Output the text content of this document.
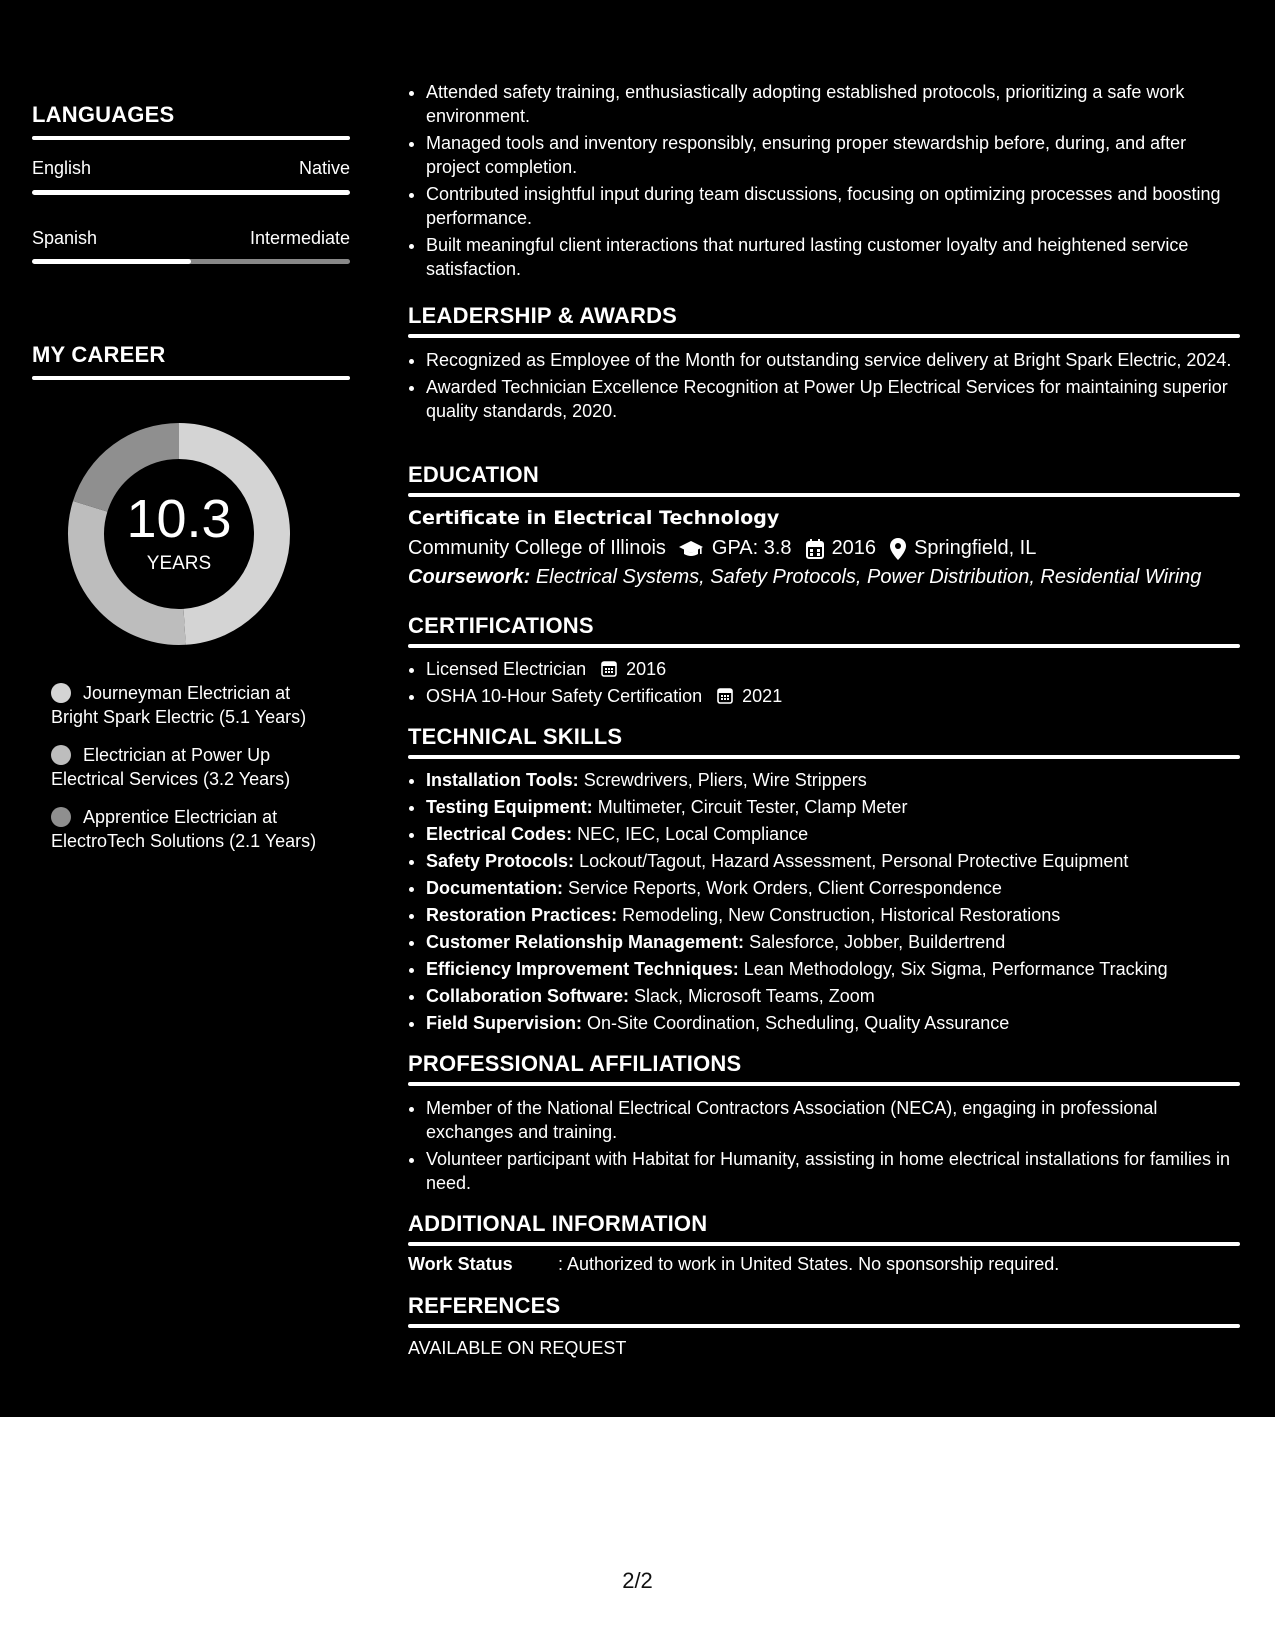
LANGUAGES
English	Native
Spanish	Intermediate
MY CAREER
10.3
YEARS
Journeyman Electrician at Bright Spark Electric (5.1 Years)
Electrician at Power Up Electrical Services (3.2 Years)
Apprentice Electrician at ElectroTech Solutions (2.1 Years)
• Attended safety training, enthusiastically adopting established protocols, prioritizing a safe work environment.
• Managed tools and inventory responsibly, ensuring proper stewardship before, during, and after project completion.
• Contributed insightful input during team discussions, focusing on optimizing processes and boosting performance.
• Built meaningful client interactions that nurtured lasting customer loyalty and heightened service satisfaction.
LEADERSHIP & AWARDS
• Recognized as Employee of the Month for outstanding service delivery at Bright Spark Electric, 2024.
• Awarded Technician Excellence Recognition at Power Up Electrical Services for maintaining superior quality standards, 2020.
EDUCATION
Certificate in Electrical Technology
Community College of Illinois GPA: 3.8 2016 Springfield, IL
Coursework: Electrical Systems, Safety Protocols, Power Distribution, Residential Wiring
CERTIFICATIONS
• Licensed Electrician 2016
• OSHA 10-Hour Safety Certification 2021
TECHNICAL SKILLS
• Installation Tools: Screwdrivers, Pliers, Wire Strippers
• Testing Equipment: Multimeter, Circuit Tester, Clamp Meter
• Electrical Codes: NEC, IEC, Local Compliance
• Safety Protocols: Lockout/Tagout, Hazard Assessment, Personal Protective Equipment
• Documentation: Service Reports, Work Orders, Client Correspondence
• Restoration Practices: Remodeling, New Construction, Historical Restorations
• Customer Relationship Management: Salesforce, Jobber, Buildertrend
• Efficiency Improvement Techniques: Lean Methodology, Six Sigma, Performance Tracking
• Collaboration Software: Slack, Microsoft Teams, Zoom
• Field Supervision: On-Site Coordination, Scheduling, Quality Assurance
PROFESSIONAL AFFILIATIONS
• Member of the National Electrical Contractors Association (NECA), engaging in professional exchanges and training.
• Volunteer participant with Habitat for Humanity, assisting in home electrical installations for families in need.
ADDITIONAL INFORMATION
Work Status	: Authorized to work in United States. No sponsorship required.
REFERENCES
AVAILABLE ON REQUEST
2/2
